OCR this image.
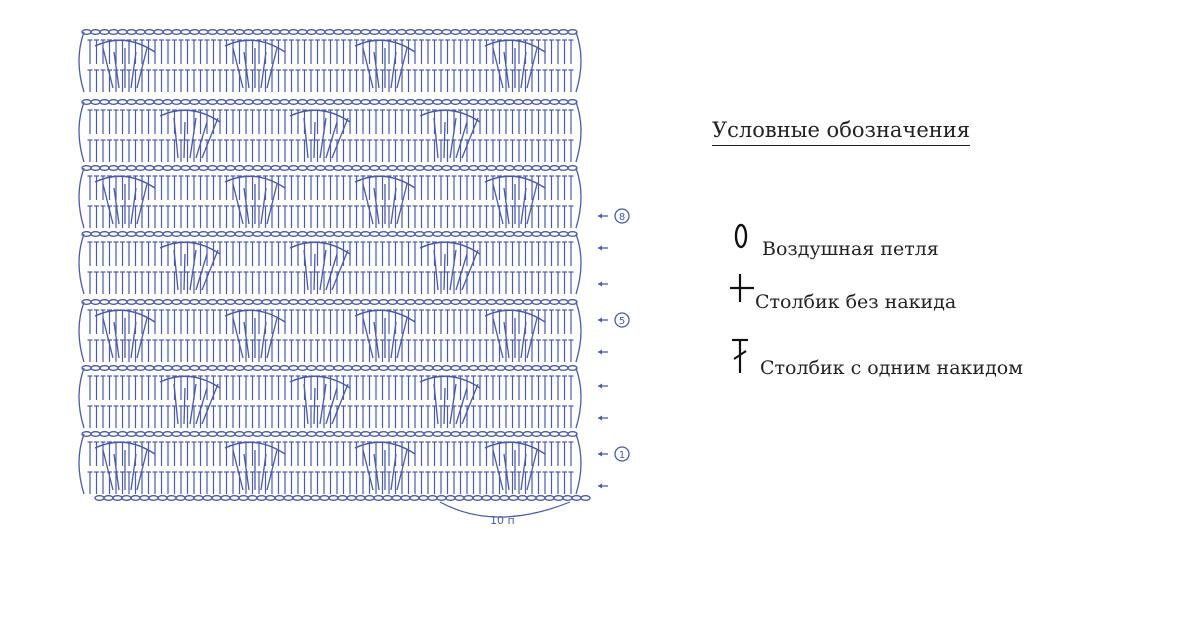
10 п
8
5
1
Условные обозначения
Воздушная петля
Столбик без накида
Столбик с одним накидом
